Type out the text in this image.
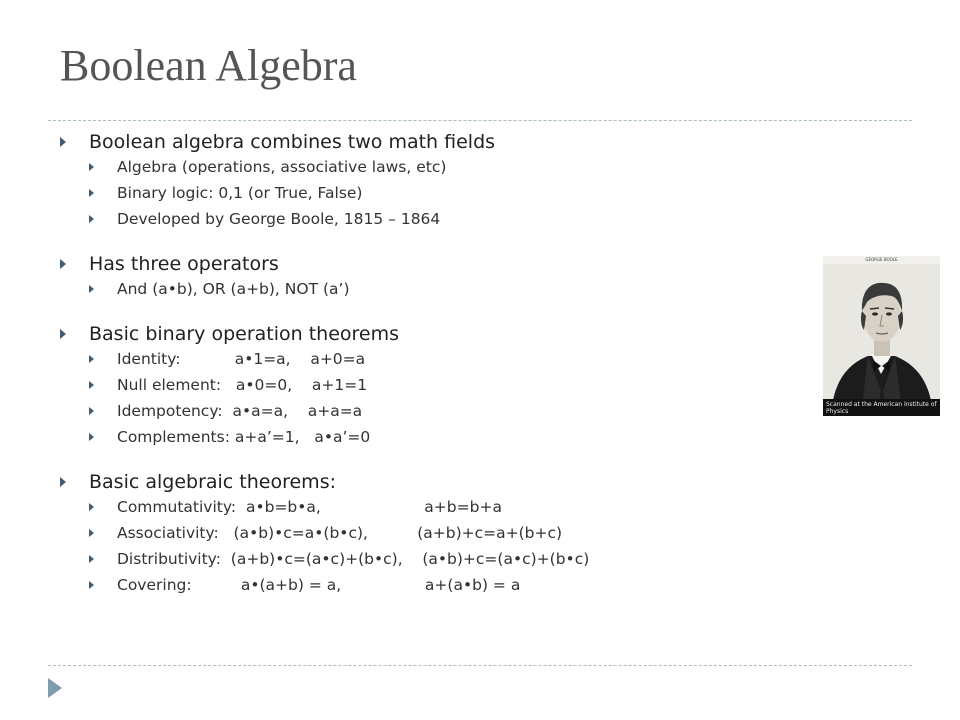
Boolean Algebra
Boolean algebra combines two math fields
Algebra (operations, associative laws, etc)
Binary logic: 0,1 (or True, False)
Developed by George Boole, 1815 – 1864
Has three operators
And (a•b), OR (a+b), NOT (a’)
Basic binary operation theorems
Identity:           a•1=a,    a+0=a
Null element:   a•0=0,    a+1=1
Idempotency:  a•a=a,    a+a=a
Complements: a+a’=1,   a•a’=0
Basic algebraic theorems:
Commutativity:  a•b=b•a,                     a+b=b+a
Associativity:   (a•b)•c=a•(b•c),          (a+b)+c=a+(b+c)
Distributivity:  (a+b)•c=(a•c)+(b•c),    (a•b)+c=(a•c)+(b•c)
Covering:          a•(a+b) = a,                 a+(a•b) = a
GEORGE BOOLE
Scanned at the American Institute of Physics
